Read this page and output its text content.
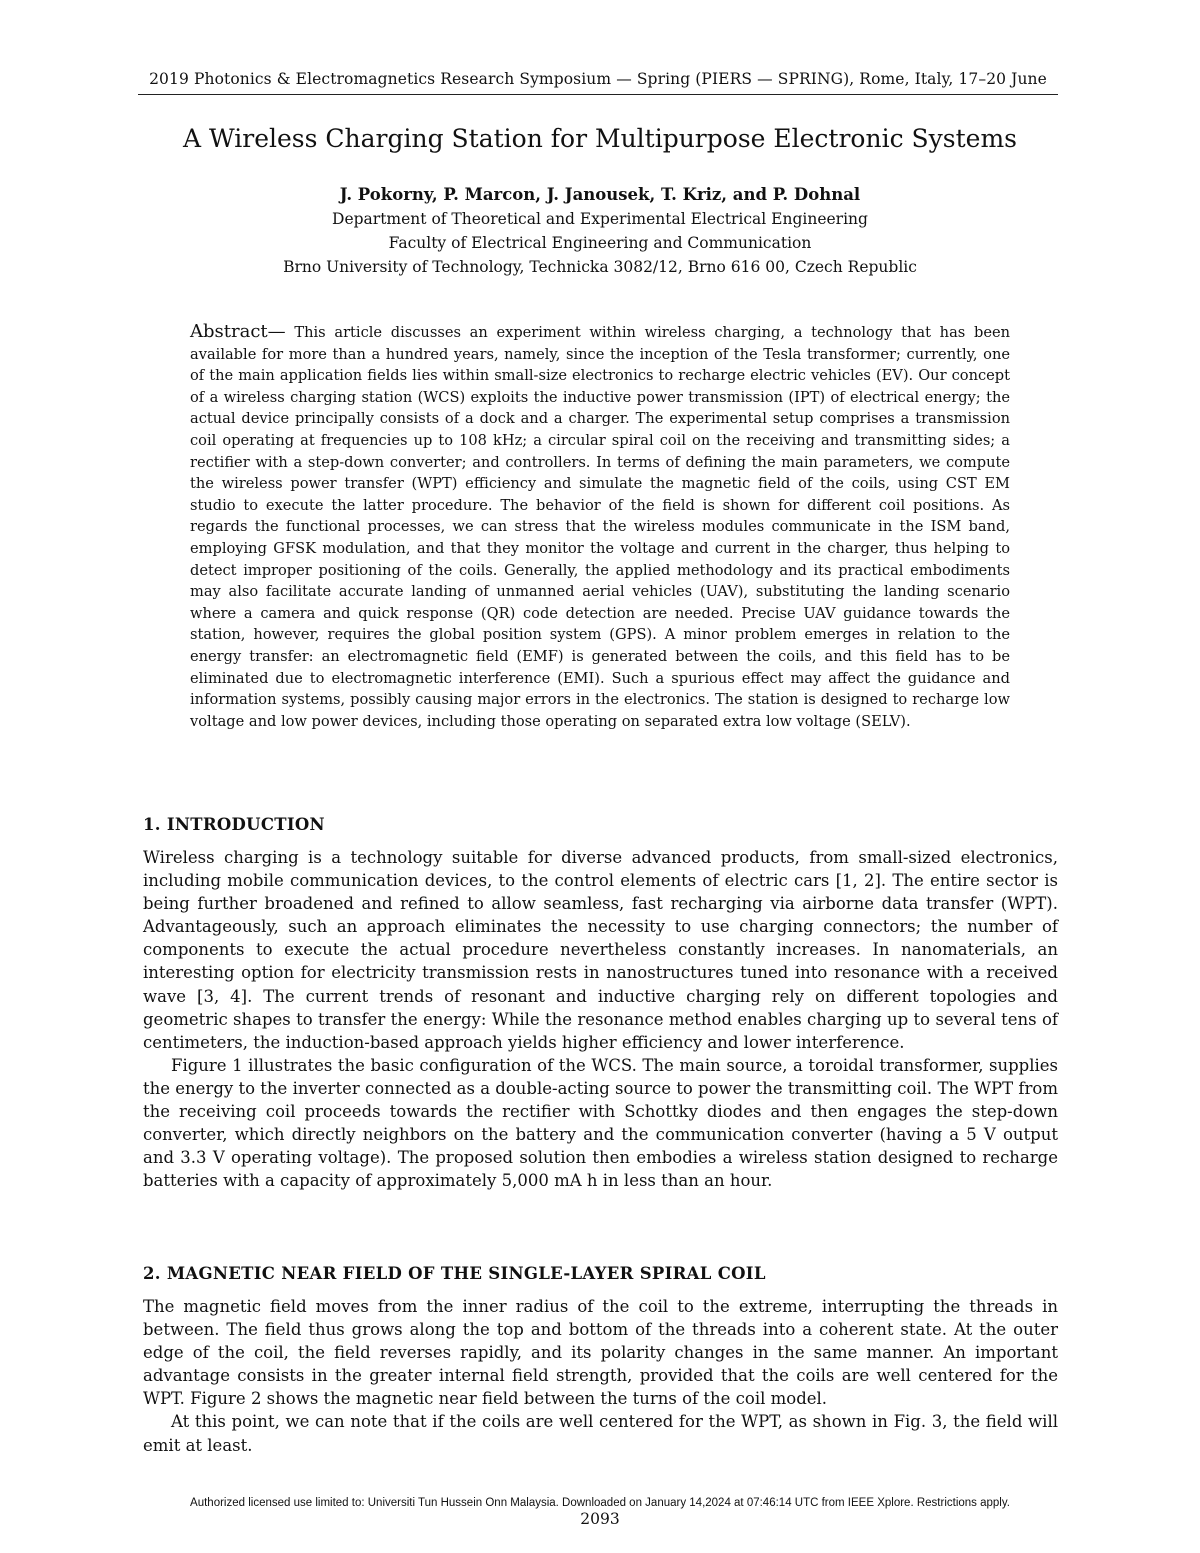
2019 Photonics & Electromagnetics Research Symposium — Spring (PIERS — SPRING), Rome, Italy, 17–20 June
A Wireless Charging Station for Multipurpose Electronic Systems
J. Pokorny, P. Marcon, J. Janousek, T. Kriz, and P. Dohnal
Department of Theoretical and Experimental Electrical Engineering
Faculty of Electrical Engineering and Communication
Brno University of Technology, Technicka 3082/12, Brno 616 00, Czech Republic
Abstract— This article discusses an experiment within wireless charging, a technology that has been available for more than a hundred years, namely, since the inception of the Tesla transformer; currently, one of the main application fields lies within small-size electronics to recharge electric vehicles (EV). Our concept of a wireless charging station (WCS) exploits the inductive power transmission (IPT) of electrical energy; the actual device principally consists of a dock and a charger. The experimental setup comprises a transmission coil operating at frequencies up to 108 kHz; a circular spiral coil on the receiving and transmitting sides; a rectifier with a step-down converter; and controllers. In terms of defining the main parameters, we compute the wireless power transfer (WPT) efficiency and simulate the magnetic field of the coils, using CST EM studio to execute the latter procedure. The behavior of the field is shown for different coil positions. As regards the functional processes, we can stress that the wireless modules communicate in the ISM band, employing GFSK modulation, and that they monitor the voltage and current in the charger, thus helping to detect improper positioning of the coils. Generally, the applied methodology and its practical embodiments may also facilitate accurate landing of unmanned aerial vehicles (UAV), substituting the landing scenario where a camera and quick response (QR) code detection are needed. Precise UAV guidance towards the station, however, requires the global position system (GPS). A minor problem emerges in relation to the energy transfer: an electromagnetic field (EMF) is generated between the coils, and this field has to be eliminated due to electromagnetic interference (EMI). Such a spurious effect may affect the guidance and information systems, possibly causing major errors in the electronics. The station is designed to recharge low voltage and low power devices, including those operating on separated extra low voltage (SELV).
1. INTRODUCTION

Wireless charging is a technology suitable for diverse advanced products, from small-sized electronics, including mobile communication devices, to the control elements of electric cars [1, 2]. The entire sector is being further broadened and refined to allow seamless, fast recharging via airborne data transfer (WPT). Advantageously, such an approach eliminates the necessity to use charging connectors; the number of components to execute the actual procedure nevertheless constantly increases. In nanomaterials, an interesting option for electricity transmission rests in nanostructures tuned into resonance with a received wave [3, 4]. The current trends of resonant and inductive charging rely on different topologies and geometric shapes to transfer the energy: While the resonance method enables charging up to several tens of centimeters, the induction-based approach yields higher efficiency and lower interference.

Figure 1 illustrates the basic configuration of the WCS. The main source, a toroidal transformer, supplies the energy to the inverter connected as a double-acting source to power the transmitting coil. The WPT from the receiving coil proceeds towards the rectifier with Schottky diodes and then engages the step-down converter, which directly neighbors on the battery and the communication converter (having a 5 V output and 3.3 V operating voltage). The proposed solution then embodies a wireless station designed to recharge batteries with a capacity of approximately 5,000 mA h in less than an hour.

2. MAGNETIC NEAR FIELD OF THE SINGLE-LAYER SPIRAL COIL

The magnetic field moves from the inner radius of the coil to the extreme, interrupting the threads in between. The field thus grows along the top and bottom of the threads into a coherent state. At the outer edge of the coil, the field reverses rapidly, and its polarity changes in the same manner. An important advantage consists in the greater internal field strength, provided that the coils are well centered for the WPT. Figure 2 shows the magnetic near field between the turns of the coil model.

At this point, we can note that if the coils are well centered for the WPT, as shown in Fig. 3, the field will emit at least.

Authorized licensed use limited to: Universiti Tun Hussein Onn Malaysia. Downloaded on January 14,2024 at 07:46:14 UTC from IEEE Xplore. Restrictions apply.
2093
